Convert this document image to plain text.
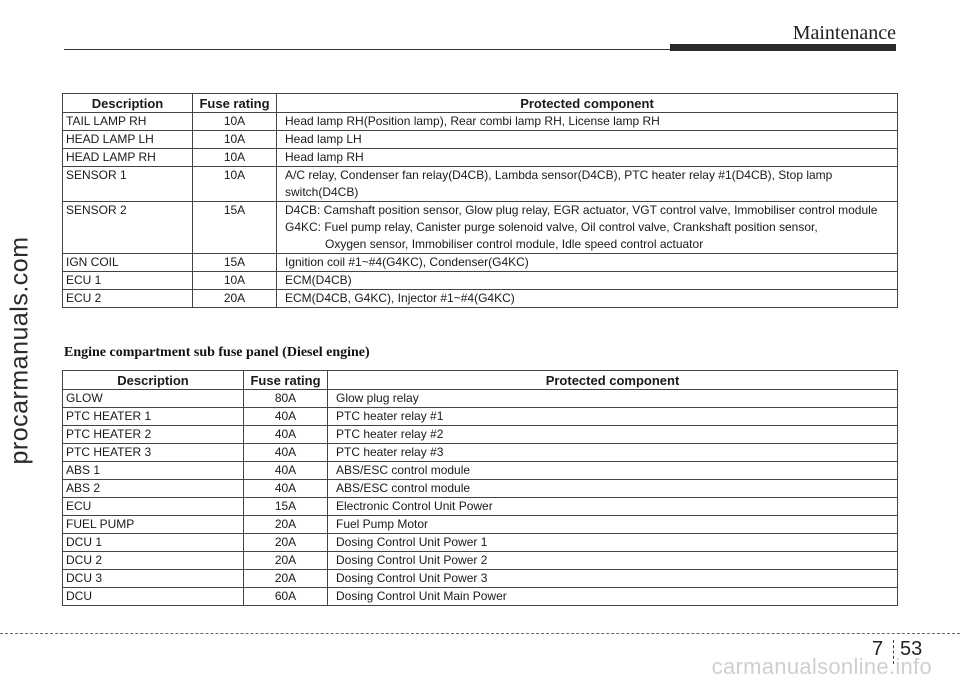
Maintenance
procarmanuals.com
Description	Fuse rating	Protected component
TAIL LAMP RH	10A	Head lamp RH(Position lamp), Rear combi lamp RH, License lamp RH

HEAD LAMP LH	10A	Head lamp LH

HEAD LAMP RH	10A	Head lamp RH

SENSOR 1	10A	A/C relay, Condenser fan relay(D4CB), Lambda sensor(D4CB), PTC heater relay #1(D4CB), Stop lamp
switch(D4CB)

SENSOR 2	15A	D4CB: Camshaft position sensor, Glow plug relay, EGR actuator, VGT control valve, Immobiliser control module
G4KC: Fuel pump relay, Canister purge solenoid valve, Oil control valve, Crankshaft position sensor,
Oxygen sensor, Immobiliser control module, Idle speed control actuator

IGN COIL	15A	Ignition coil #1~#4(G4KC), Condenser(G4KC)

ECU 1	10A	ECM(D4CB)

ECU 2	20A	ECM(D4CB, G4KC), Injector #1~#4(G4KC)
Engine compartment sub fuse panel (Diesel engine)
Description	Fuse rating	Protected component
GLOW	80A	Glow plug relay
PTC HEATER 1	40A	PTC heater relay #1
PTC HEATER 2	40A	PTC heater relay #2
PTC HEATER 3	40A	PTC heater relay #3
ABS 1	40A	ABS/ESC control module
ABS 2	40A	ABS/ESC control module
ECU	15A	Electronic Control Unit Power
FUEL PUMP	20A	Fuel Pump Motor
DCU 1	20A	Dosing Control Unit Power 1
DCU 2	20A	Dosing Control Unit Power 2
DCU 3	20A	Dosing Control Unit Power 3
DCU	60A	Dosing Control Unit Main Power
7 53
carmanualsonline.info
